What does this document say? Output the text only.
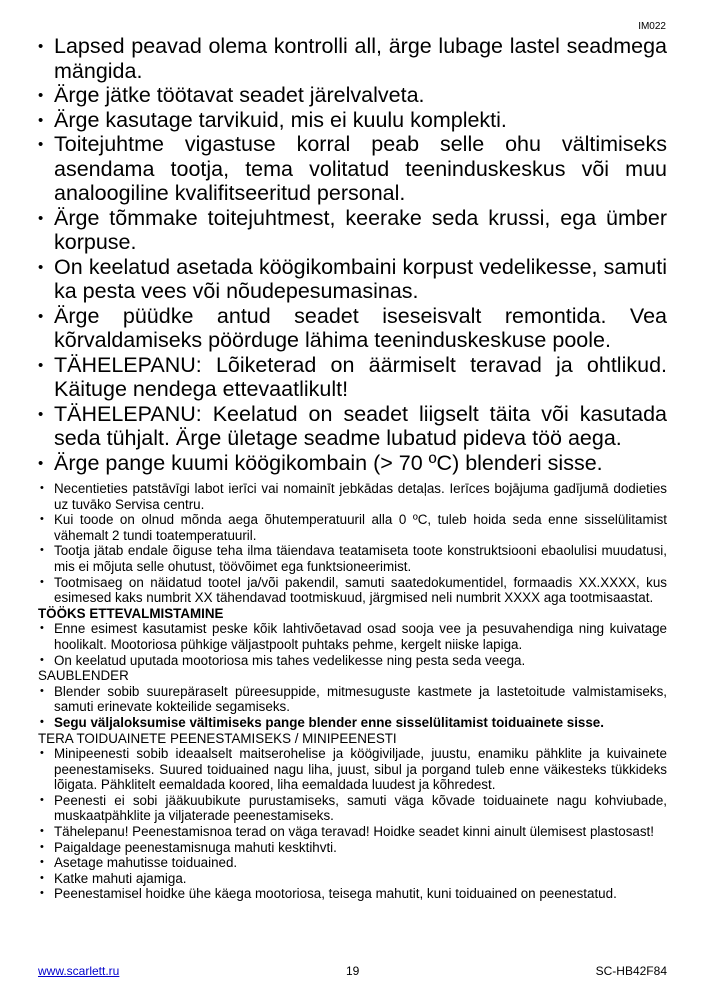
IM022
• Lapsed peavad olema kontrolli all, ärge lubage lastel seadmega mängida.
• Ärge jätke töötavat seadet järelvalveta.
• Ärge kasutage tarvikuid, mis ei kuulu komplekti.
• Toitejuhtme vigastuse korral peab selle ohu vältimiseks asendama tootja, tema volitatud teeninduskeskus või muu analoogiline kvalifitseeritud personal.
• Ärge tõmmake toitejuhtmest, keerake seda krussi, ega ümber korpuse.
• On keelatud asetada köögikombaini korpust vedelikesse, samuti ka pesta vees või nõudepesumasinas.
• Ärge püüdke antud seadet iseseisvalt remontida. Vea kõrvaldamiseks pöörduge lähima teeninduskeskuse poole.
• TÄHELEPANU: Lõiketerad on äärmiselt teravad ja ohtlikud. Käituge nendega ettevaatlikult!
• TÄHELEPANU: Keelatud on seadet liigselt täita või kasutada seda tühjalt. Ärge ületage seadme lubatud pideva töö aega.
• Ärge pange kuumi köögikombain (> 70 ºC) blenderi sisse.
• Necentieties patstāvīgi labot ierīci vai nomainīt jebkādas detaļas. Ierīces bojājuma gadījumā dodieties uz tuvāko Servisa centru.
• Kui toode on olnud mõnda aega õhutemperatuuril alla 0 ºC, tuleb hoida seda enne sisselülitamist vähemalt 2 tundi toatemperatuuril.
• Tootja jätab endale õiguse teha ilma täiendava teatamiseta toote konstruktsiooni ebaolulisi muudatusi, mis ei mõjuta selle ohutust, töövõimet ega funktsioneerimist.
• Tootmisaeg on näidatud tootel ja/või pakendil, samuti saatedokumentidel, formaadis XX.XXXX, kus esimesed kaks numbrit XX tähendavad tootmiskuud, järgmised neli numbrit XXXX aga tootmisaastat.
TÖÖKS ETTEVALMISTAMINE
• Enne esimest kasutamist peske kõik lahtivõetavad osad sooja vee ja pesuvahendiga ning kuivatage hoolikalt. Mootoriosa pühkige väljastpoolt puhtaks pehme, kergelt niiske lapiga.
• On keelatud uputada mootoriosa mis tahes vedelikesse ning pesta seda veega.
SAUBLENDER
• Blender sobib suurepäraselt püreesuppide, mitmesuguste kastmete ja lastetoitude valmistamiseks, samuti erinevate kokteilide segamiseks.
• Segu väljaloksumise vältimiseks pange blender enne sisselülitamist toiduainete sisse.
TERA TOIDUAINETE PEENESTAMISEKS / MINIPEENESTI
• Minipeenesti sobib ideaalselt maitserohelise ja köögiviljade, juustu, enamiku pähklite ja kuivainete peenestamiseks. Suured toiduained nagu liha, juust, sibul ja porgand tuleb enne väikesteks tükkideks lõigata. Pähklitelt eemaldada koored, liha eemaldada luudest ja kõhredest.
• Peenesti ei sobi jääkuubikute purustamiseks, samuti väga kõvade toiduainete nagu kohviubade, muskaatpähklite ja viljaterade peenestamiseks.
• Tähelepanu! Peenestamisnoa terad on väga teravad! Hoidke seadet kinni ainult ülemisest plastosast!
• Paigaldage peenestamisnuga mahuti kesktihvti.
• Asetage mahutisse toiduained.
• Katke mahuti ajamiga.
• Peenestamisel hoidke ühe käega mootoriosa, teisega mahutit, kuni toiduained on peenestatud.
www.scarlett.ru	19	SC-HB42F84
